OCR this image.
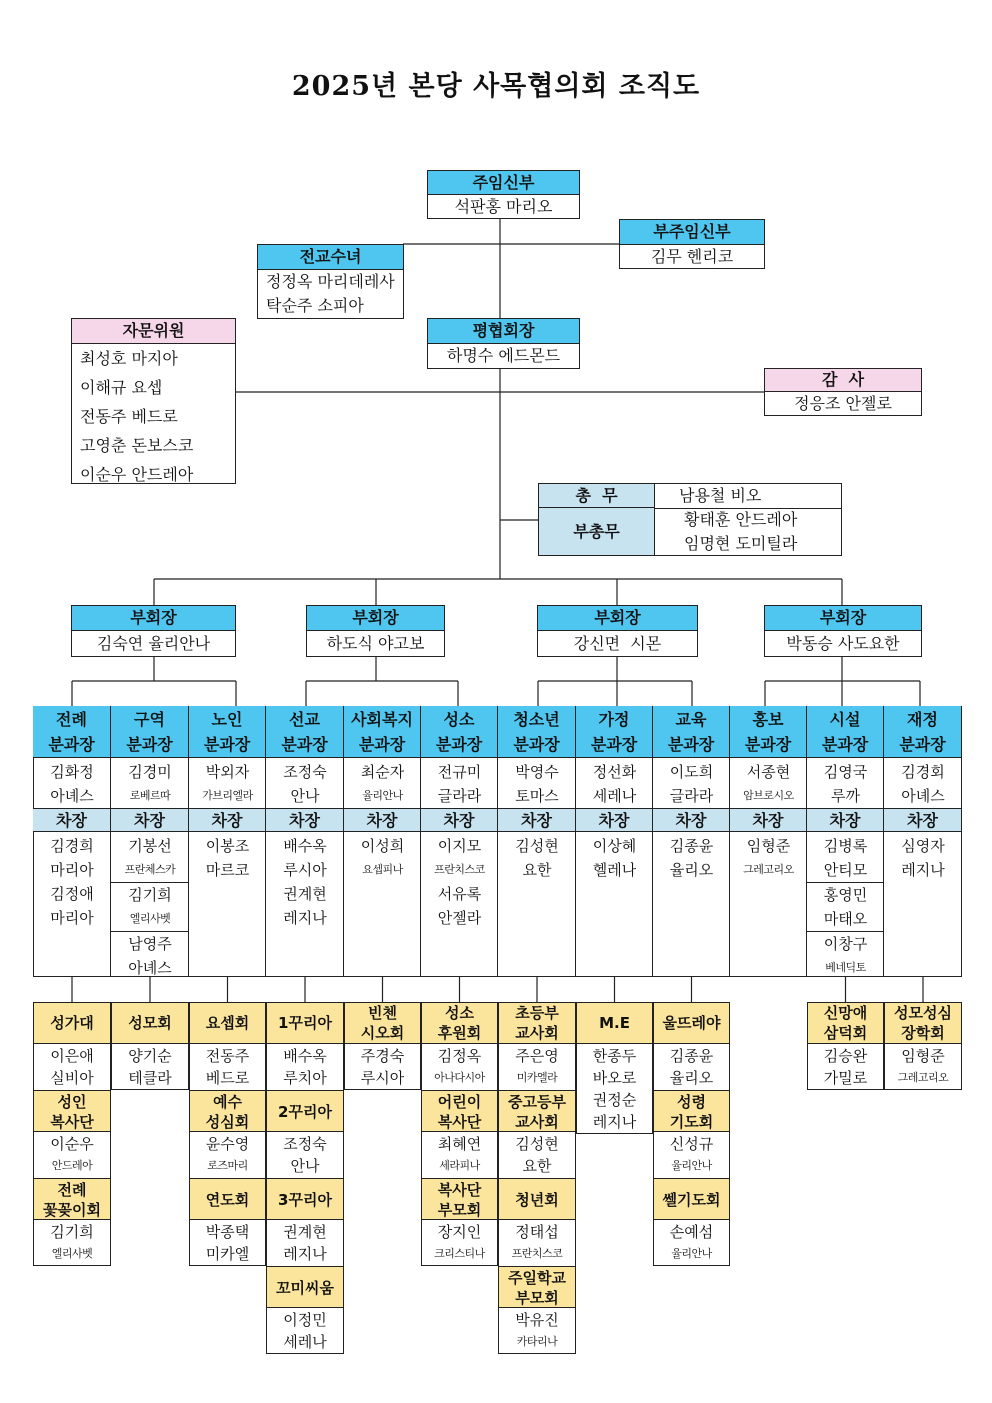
2025년 본당 사목협의회 조직도
주임신부
석판홍 마리오
부주임신부
김무 헨리코
전교수녀
정정옥 마리데레사
탁순주 소피아
평협회장
하명수 에드몬드
자문위원
최성호 마지아
이해규 요셉
전동주 베드로
고영춘 돈보스코
이순우 안드레아
감  사
정응조 안젤로
총  무	남용철 비오
부총무
황태훈 안드레아
임명현 도미틸라
부회장
김숙연 율리안나
부회장
하도식 야고보
부회장
강신면  시몬
부회장
박동승 사도요한
전례
분과장
김화정
아녜스
차장
김경희
마리아
김정애
마리아
구역
분과장
김경미
로베르따
차장
기봉선
프란체스카
김기희
엘리사벳
남영주
아녜스
노인
분과장
박외자
가브리엘라
차장
이봉조
마르코
선교
분과장
조정숙
안나
차장
배수옥
루시아
권계현
레지나
사회복지
분과장
최순자
율리안나
차장
이성희
요셉피나
성소
분과장
전규미
글라라
차장
이지모
프란치스코
서유록
안젤라
청소년
분과장
박영수
토마스
차장
김성현
요한
가정
분과장
정선화
세레나
차장
이상혜
헬레나
교육
분과장
이도희
글라라
차장
김종윤
율리오
홍보
분과장
서종현
암브로시오
차장
임형준
그레고리오
시설
분과장
김영국
루까
차장
김병록
안티모
홍영민
마태오
이창구
베네딕토
재정
분과장
김경회
아녜스
차장
심영자
레지나
성가대
이은애
실비아
성인
복사단
이순우
안드레아
전례
꽃꽂이회
김기희
엘리사벳
성모회
양기순
테클라
요셉회
전동주
베드로
예수
성심회
윤수영
로즈마리
연도회
박종택
미카엘
1꾸리아
배수옥
루치아
2꾸리아
조정숙
안나
3꾸리아
권계현
레지나
꼬미씨움
이정민
세레나
빈첸
시오회
주경숙
루시아
성소
후원회
김정옥
아나다시아
어린이
복사단
최혜연
세라피나
복사단
부모회
장지인
크리스티나
초등부
교사회
주은영
미카엘라
중고등부
교사회
김성현
요한
청년회
정태섭
프란치스코
주일학교
부모회
박유진
카타리나
M.E
한종두
바오로
권정순
레지나
울뜨레야
김종윤
율리오
성령
기도회
신성규
율리안나
쎌기도회
손예섬
율리안나
신망애
삼덕회
김승완
가밀로
성모성심
장학회
임형준
그레고리오
